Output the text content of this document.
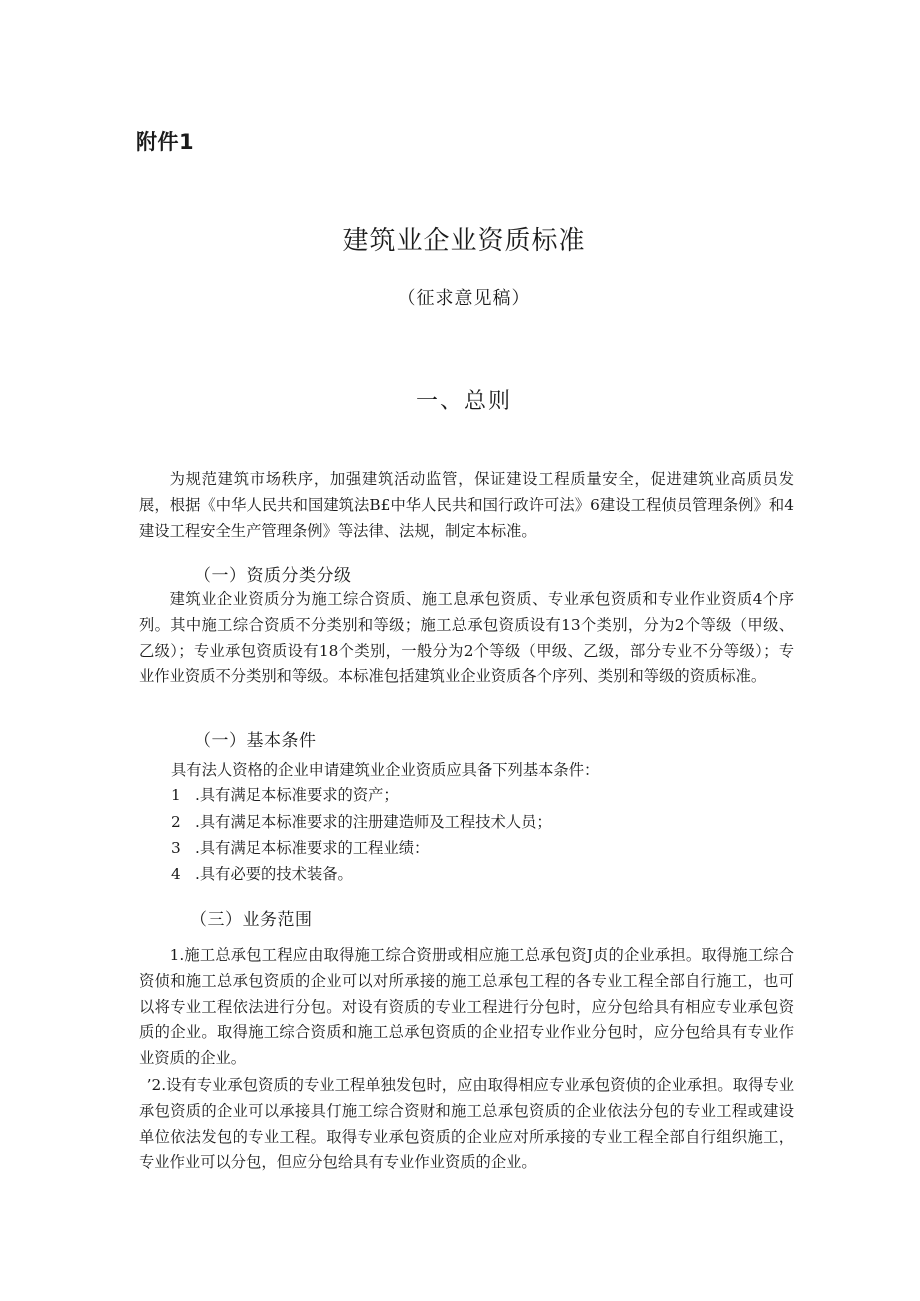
附件1
建筑业企业资质标准
（征求意见稿）
一、总则
为规范建筑市场秩序，加强建筑活动监管，保证建设工程质量安全，促进建筑业高质员发展，根据《中华人民共和国建筑法B£中华人民共和国行政许可法》6建设工程侦员管理条例》和4建设工程安全生产管理条例》等法律、法规，制定本标准。
（一）资质分类分级
建筑业企业资质分为施工综合资质、施工息承包资质、专业承包资质和专业作业资质4个序列。其中施工综合资质不分类别和等级；施工总承包资质设有13个类别，分为2个等级（甲级、乙级）；专业承包资质设有18个类别，一般分为2个等级（甲级、乙级，部分专业不分等级）；专业作业资质不分类别和等级。本标准包括建筑业企业资质各个序列、类别和等级的资质标准。
（一）基本条件
具有法人资格的企业申请建筑业企业资质应具备下列基本条件：
1 .具有满足本标准要求的资产；
2 .具有满足本标准要求的注册建造师及工程技术人员；
3 .具有满足本标准要求的工程业绩：
4 .具有必要的技术装备。
（三）业务范围
1.施工总承包工程应由取得施工综合资册或相应施工总承包资J贞的企业承担。取得施工综合资侦和施工总承包资质的企业可以对所承接的施工总承包工程的各专业工程全部自行施工，也可以将专业工程依法进行分包。对设有资质的专业工程进行分包时，应分包给具有相应专业承包资质的企业。取得施工综合资质和施工总承包资质的企业招专业作业分包时，应分包给具有专业作业资质的企业。
’2.设有专业承包资质的专业工程单独发包时，应由取得相应专业承包资侦的企业承担。取得专业承包资质的企业可以承接具仃施工综合资财和施工总承包资质的企业依法分包的专业工程或建设单位依法发包的专业工程。取得专业承包资质的企业应对所承接的专业工程全部自行组织施工，专业作业可以分包，但应分包给具有专业作业资质的企业。
